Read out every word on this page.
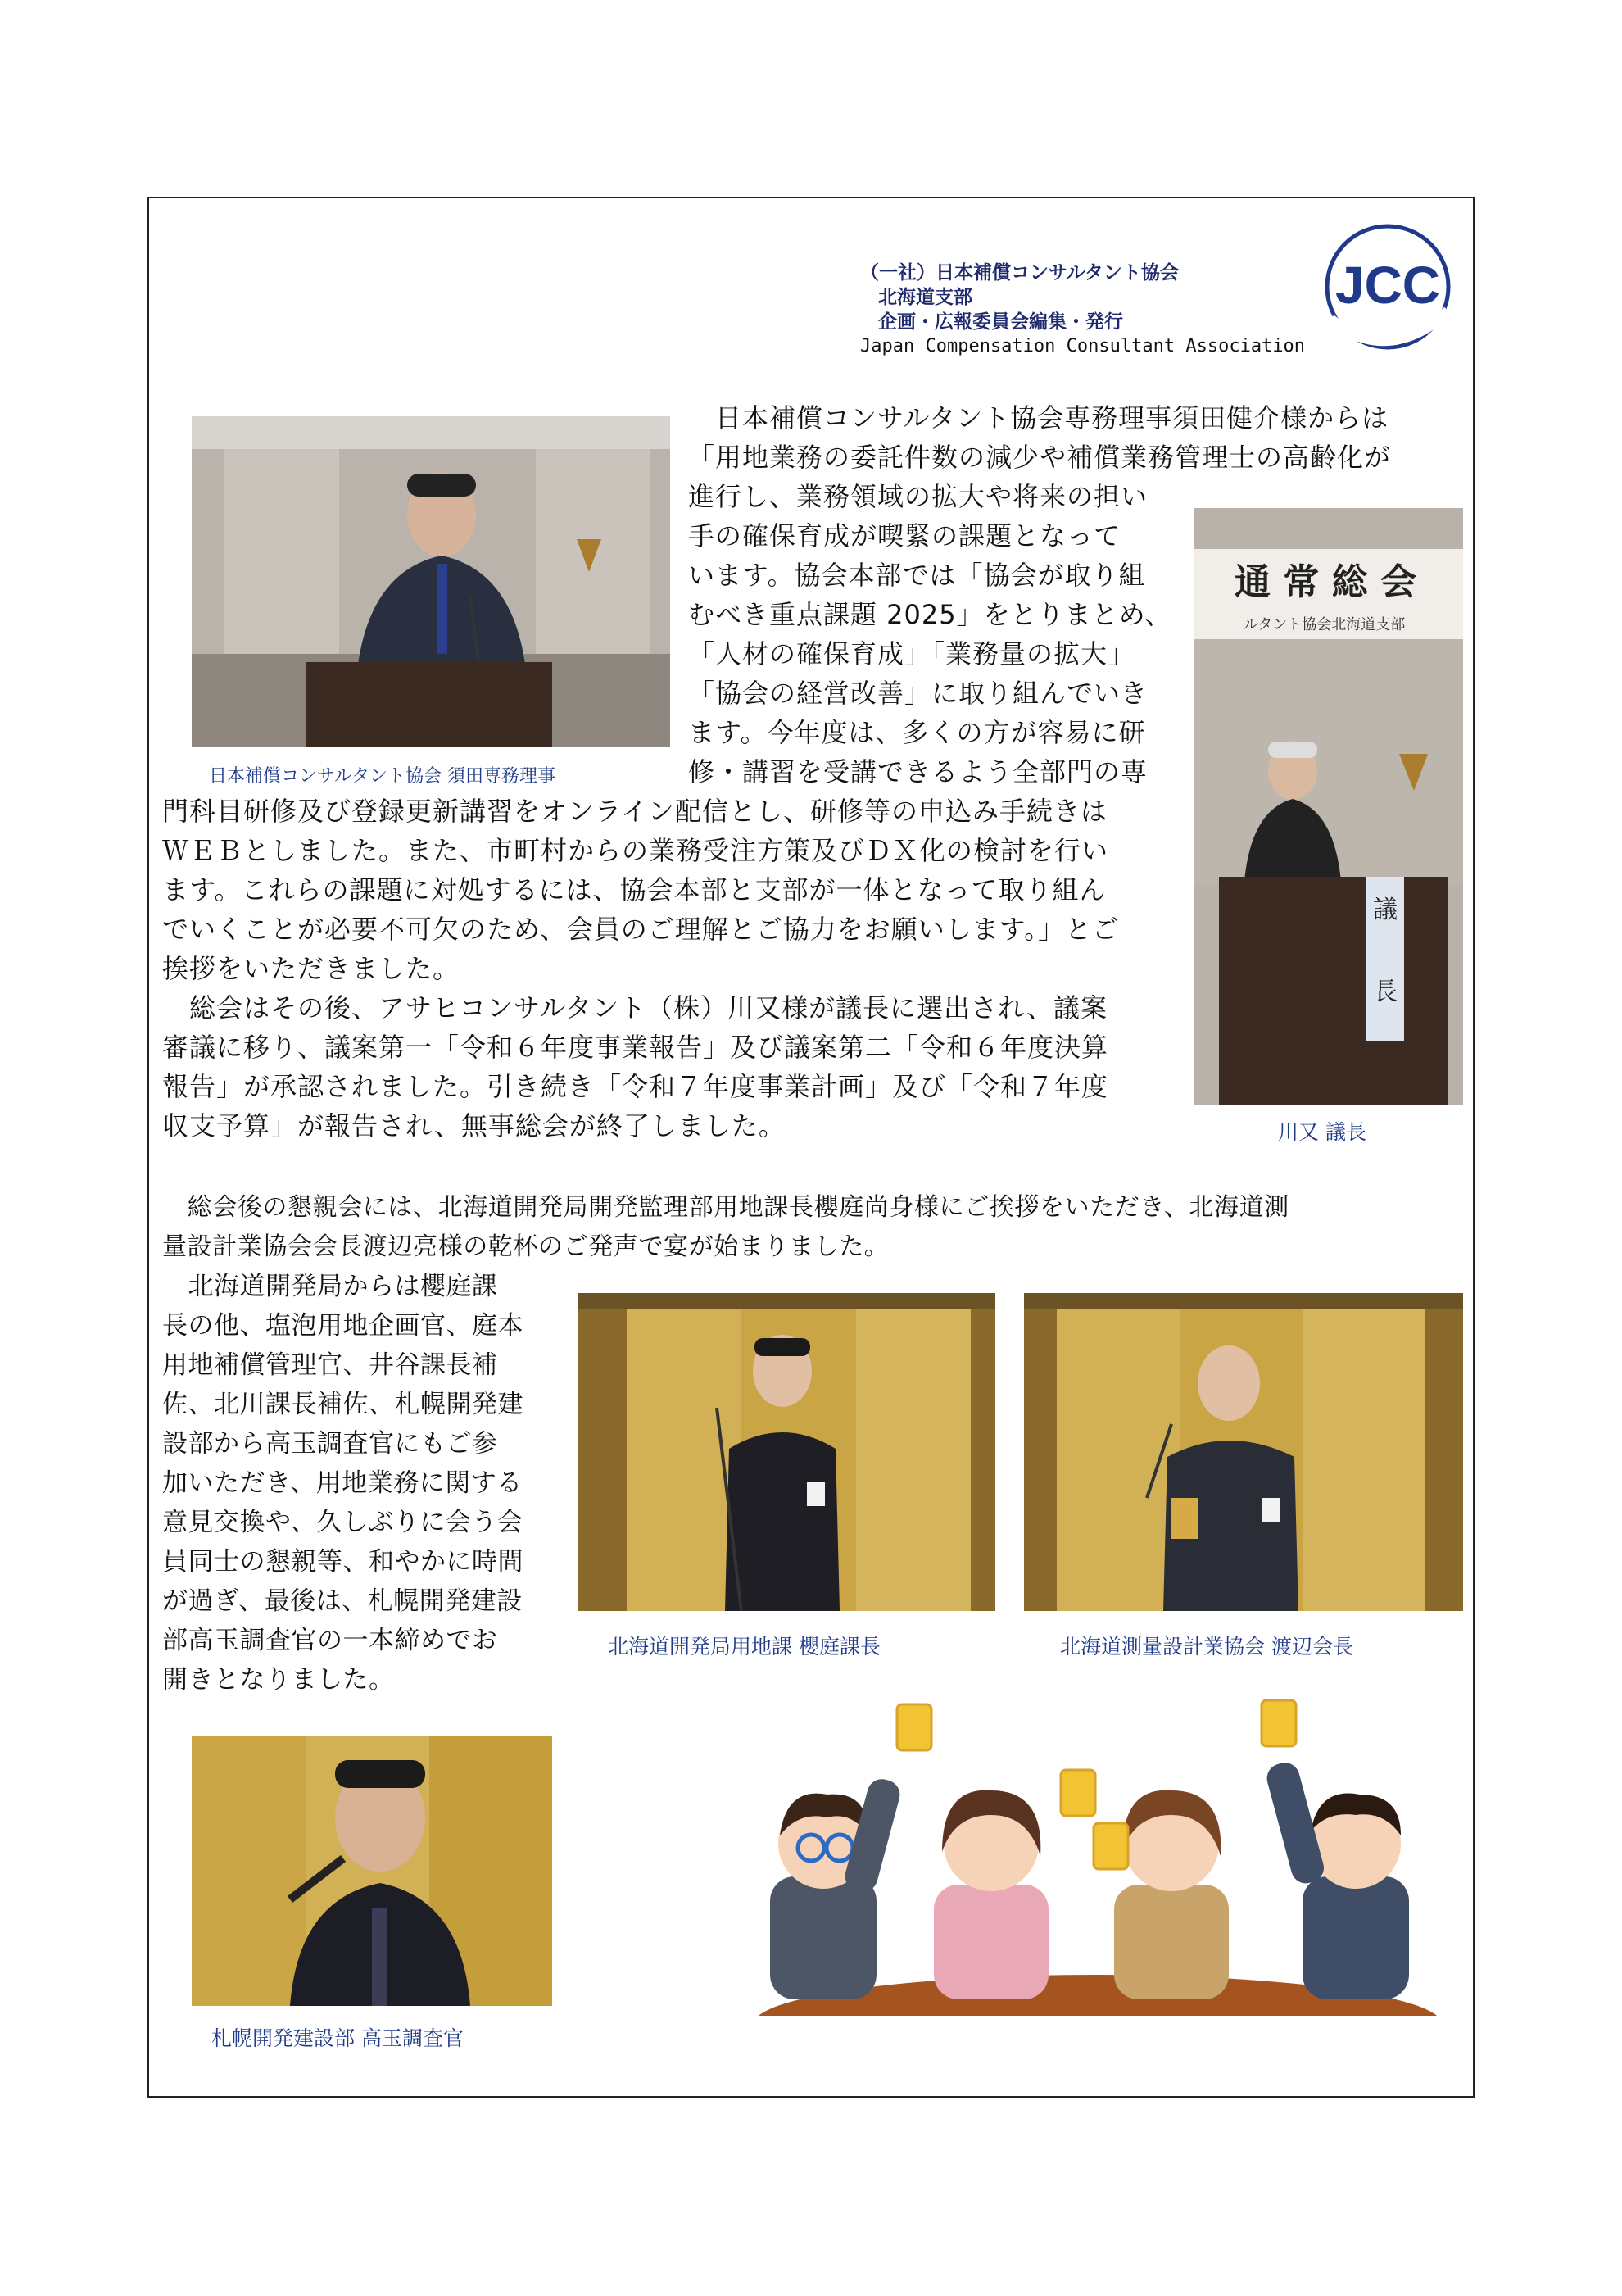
（一社）日本補償コンサルタント協会
北海道支部
企画・広報委員会編集・発行
Japan Compensation Consultant Association
JCC
日本補償コンサルタント協会 須田専務理事
通 常 総 会
ルタント協会北海道支部
議
長
川又 議長
　日本補償コンサルタント協会専務理事須田健介様からは
「用地業務の委託件数の減少や補償業務管理士の高齢化が
進行し、業務領域の拡大や将来の担い
手の確保育成が喫緊の課題となって
います。協会本部では「協会が取り組
むべき重点課題 2025」をとりまとめ、
「人材の確保育成」「業務量の拡大」
「協会の経営改善」に取り組んでいき
ます。今年度は、多くの方が容易に研
修・講習を受講できるよう全部門の専
門科目研修及び登録更新講習をオンライン配信とし、研修等の申込み手続きは
ＷＥＢとしました。また、市町村からの業務受注方策及びＤＸ化の検討を行い
ます。これらの課題に対処するには、協会本部と支部が一体となって取り組ん
でいくことが必要不可欠のため、会員のご理解とご協力をお願いします。」とご
挨拶をいただきました。
　総会はその後、アサヒコンサルタント（株）川又様が議長に選出され、議案
審議に移り、議案第一「令和６年度事業報告」及び議案第二「令和６年度決算
報告」が承認されました。引き続き「令和７年度事業計画」及び「令和７年度
収支予算」が報告され、無事総会が終了しました。
　総会後の懇親会には、北海道開発局開発監理部用地課長櫻庭尚身様にご挨拶をいただき、北海道測
量設計業協会会長渡辺亮様の乾杯のご発声で宴が始まりました。
　北海道開発局からは櫻庭課
長の他、塩泡用地企画官、庭本
用地補償管理官、井谷課長補
佐、北川課長補佐、札幌開発建
設部から高玉調査官にもご参
加いただき、用地業務に関する
意見交換や、久しぶりに会う会
員同士の懇親等、和やかに時間
が過ぎ、最後は、札幌開発建設
部高玉調査官の一本締めでお
開きとなりました。
北海道開発局用地課 櫻庭課長	北海道測量設計業協会 渡辺会長
札幌開発建設部 高玉調査官
